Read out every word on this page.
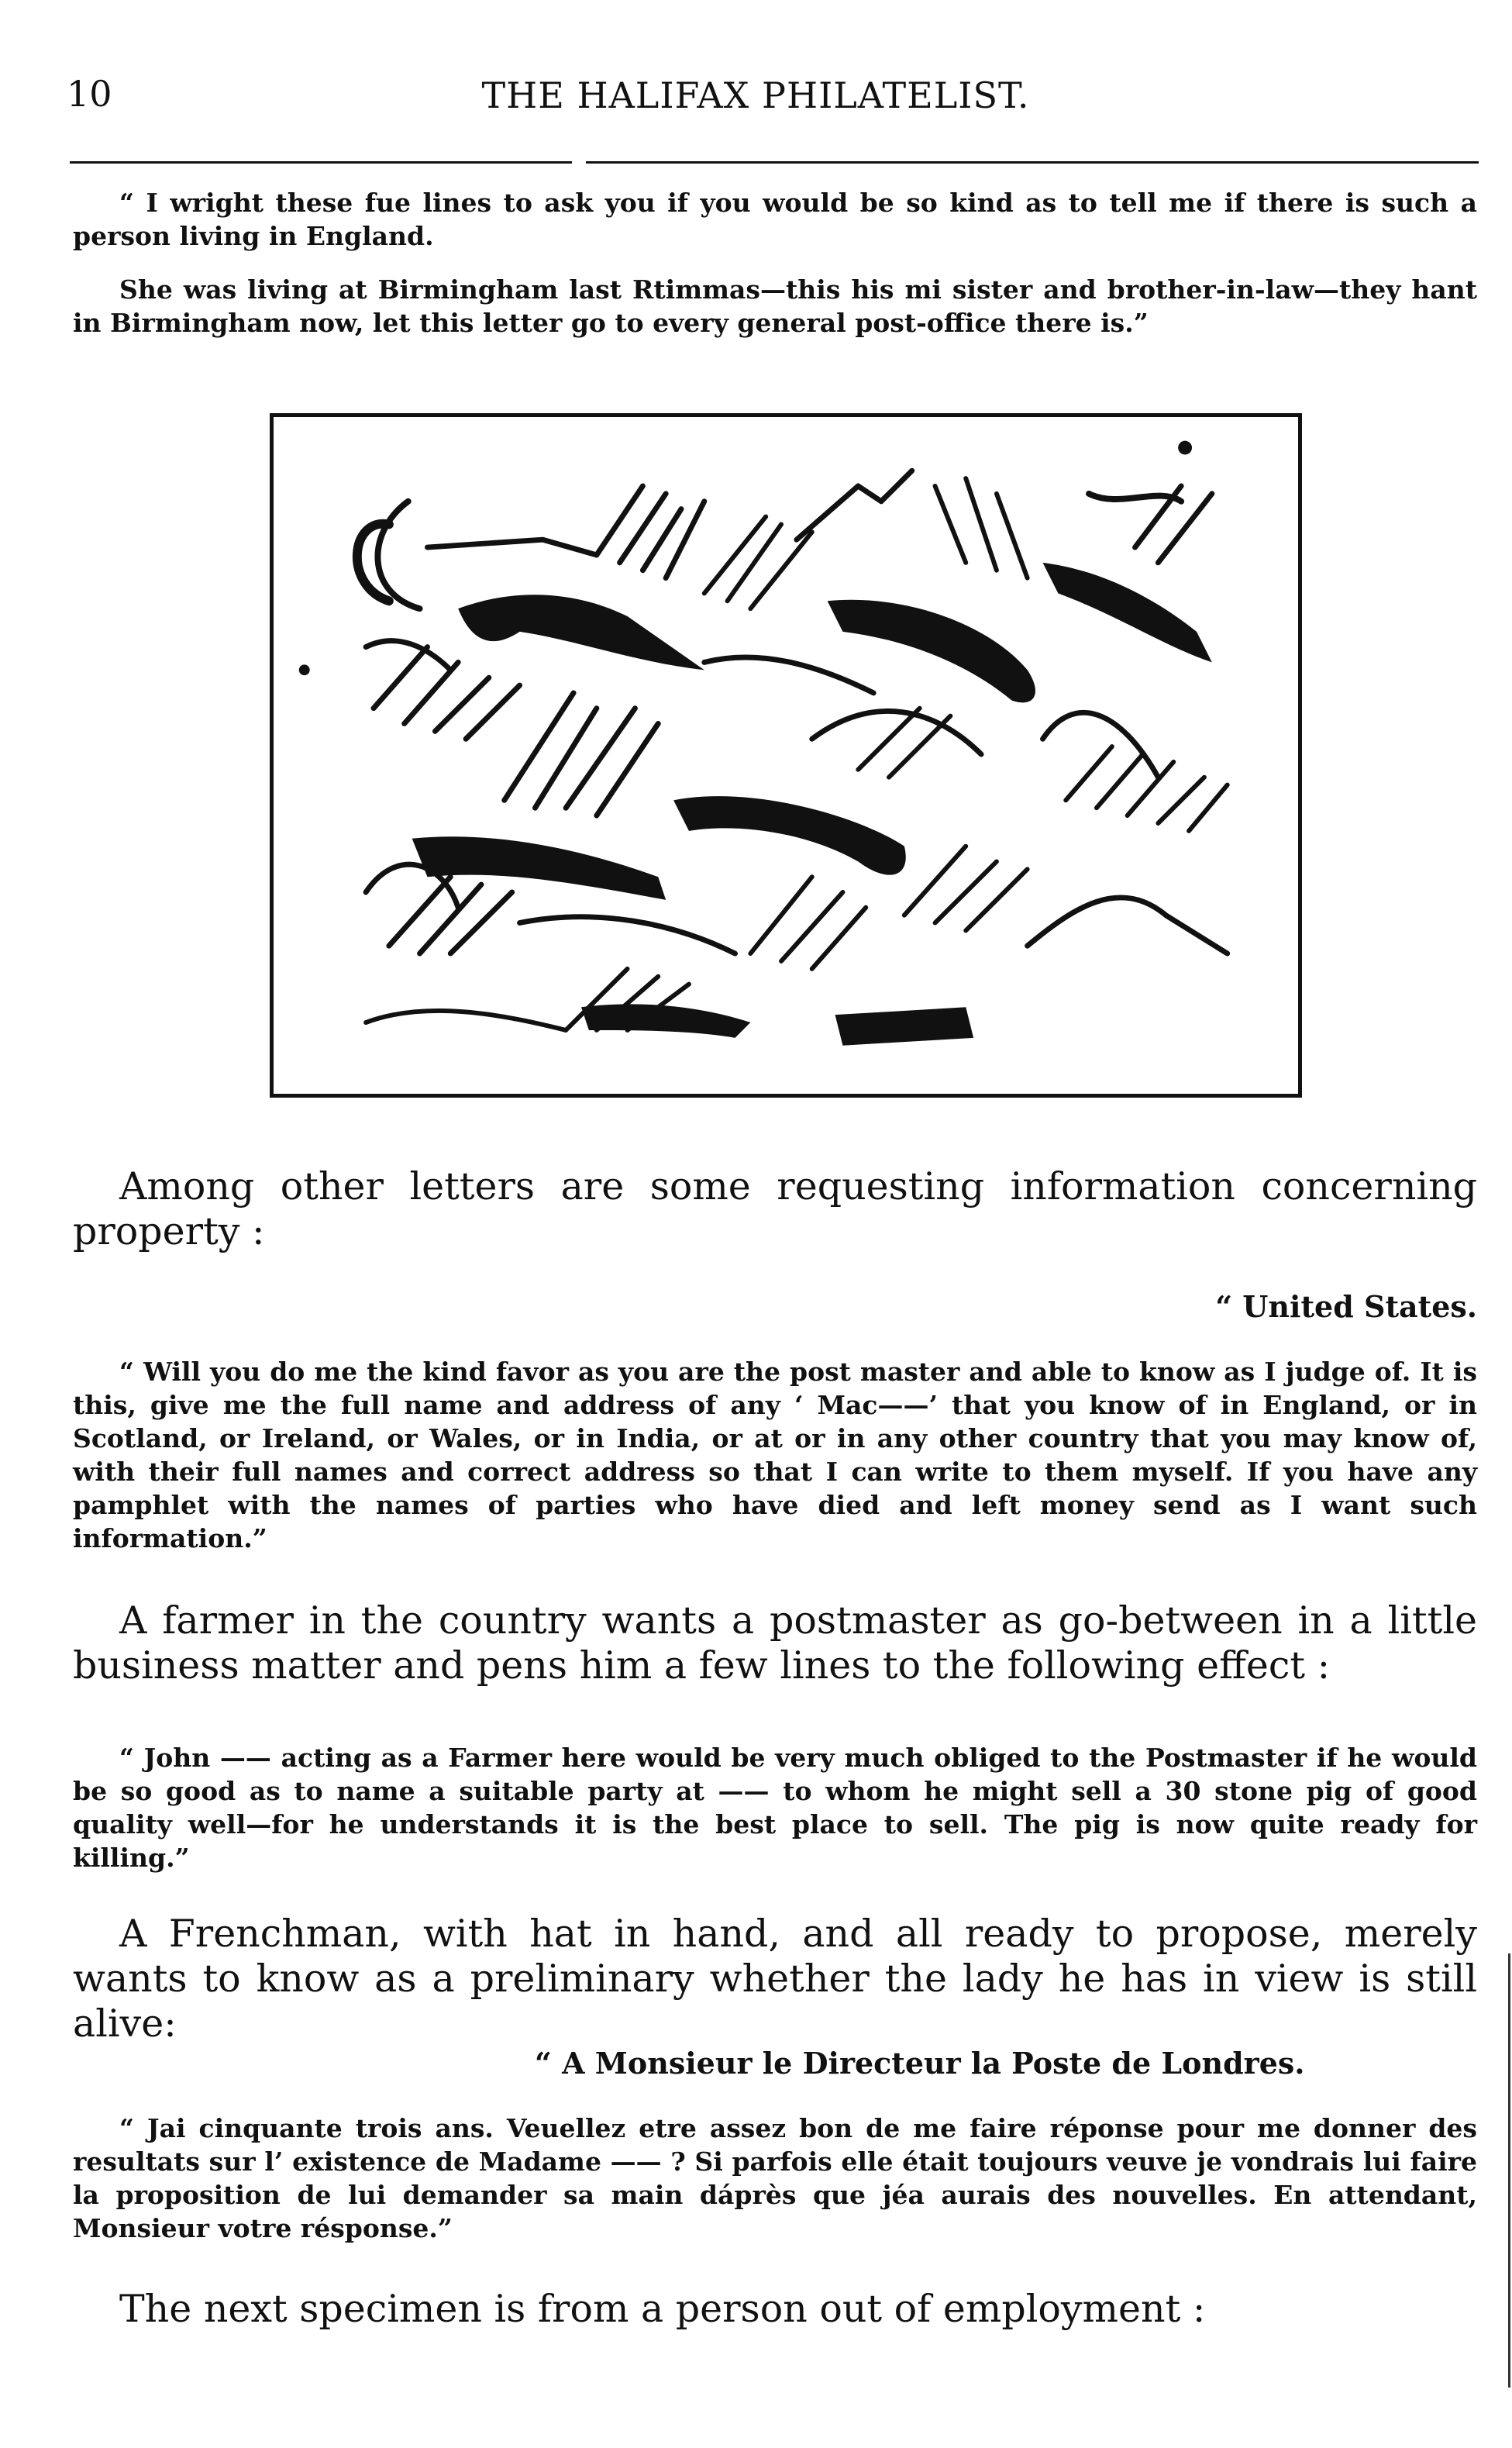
10	THE HALIFAX PHILATELIST.

“ I wright these fue lines to ask you if you would be so kind as to tell me if there is such a person living in England.

She was living at Birmingham last Rtimmas—this his mi sister and brother-in-law—they hant in Birmingham now, let this letter go to every general post-office there is.”

Among other letters are some requesting information concerning property :

“ United States.

“ Will you do me the kind favor as you are the post master and able to know as I judge of. It is this, give me the full name and address of any ‘ Mac——’ that you know of in England, or in Scotland, or Ireland, or Wales, or in India, or at or in any other country that you may know of, with their full names and correct address so that I can write to them myself. If you have any pamphlet with the names of parties who have died and left money send as I want such information.”

A farmer in the country wants a postmaster as go-between in a little business matter and pens him a few lines to the following effect :

“ John —— acting as a Farmer here would be very much obliged to the Postmaster if he would be so good as to name a suitable party at —— to whom he might sell a 30 stone pig of good quality well—for he understands it is the best place to sell. The pig is now quite ready for killing.”

A Frenchman, with hat in hand, and all ready to propose, merely wants to know as a preliminary whether the lady he has in view is still alive:

“ A Monsieur le Directeur la Poste de Londres.

“ Jai cinquante trois ans. Veuellez etre assez bon de me faire réponse pour me donner des resultats sur l’ existence de Madame —— ? Si parfois elle était toujours veuve je vondrais lui faire la proposition de lui demander sa main dáprès que jéa aurais des nouvelles. En attendant, Monsieur votre résponse.”

The next specimen is from a person out of employment :
